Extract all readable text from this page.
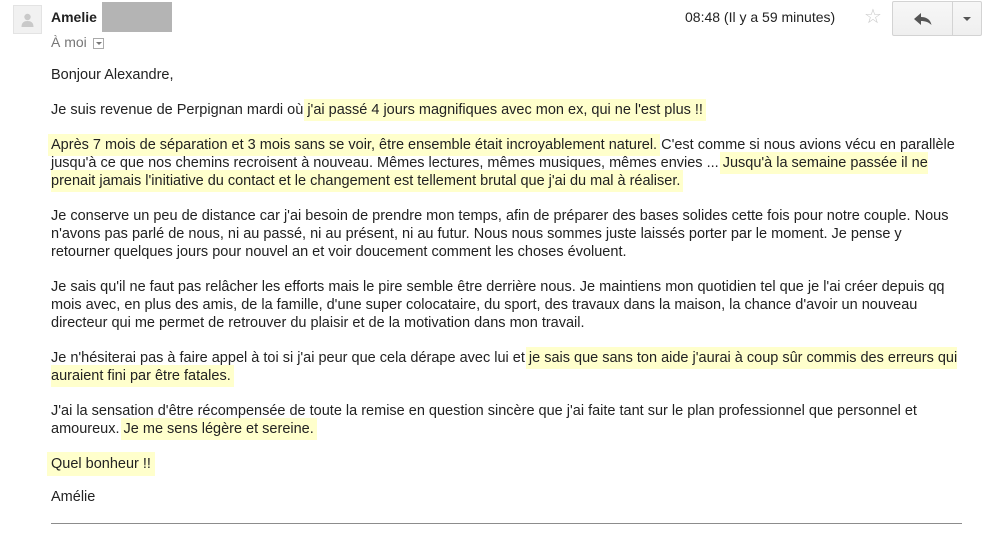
Amelie
À moi
08:48 (Il y a 59 minutes) ☆

Bonjour Alexandre,

Je suis revenue de Perpignan mardi où j'ai passé 4 jours magnifiques avec mon ex, qui ne l'est plus !!

Après 7 mois de séparation et 3 mois sans se voir, être ensemble était incroyablement naturel. C'est comme si nous avions vécu en parallèle jusqu'à ce que nos chemins recroisent à nouveau. Mêmes lectures, mêmes musiques, mêmes envies ... Jusqu'à la semaine passée il ne prenait jamais l'initiative du contact et le changement est tellement brutal que j'ai du mal à réaliser.

Je conserve un peu de distance car j'ai besoin de prendre mon temps, afin de préparer des bases solides cette fois pour notre couple. Nous n'avons pas parlé de nous, ni au passé, ni au présent, ni au futur. Nous nous sommes juste laissés porter par le moment. Je pense y retourner quelques jours pour nouvel an et voir doucement comment les choses évoluent.

Je sais qu'il ne faut pas relâcher les efforts mais le pire semble être derrière nous. Je maintiens mon quotidien tel que je l'ai créer depuis qq mois avec, en plus des amis, de la famille, d'une super colocataire, du sport, des travaux dans la maison, la chance d'avoir un nouveau directeur qui me permet de retrouver du plaisir et de la motivation dans mon travail.

Je n'hésiterai pas à faire appel à toi si j'ai peur que cela dérape avec lui et je sais que sans ton aide j'aurai à coup sûr commis des erreurs qui auraient fini par être fatales.

J'ai la sensation d'être récompensée de toute la remise en question sincère que j'ai faite tant sur le plan professionnel que personnel et amoureux. Je me sens légère et sereine.

Quel bonheur !!

Amélie
